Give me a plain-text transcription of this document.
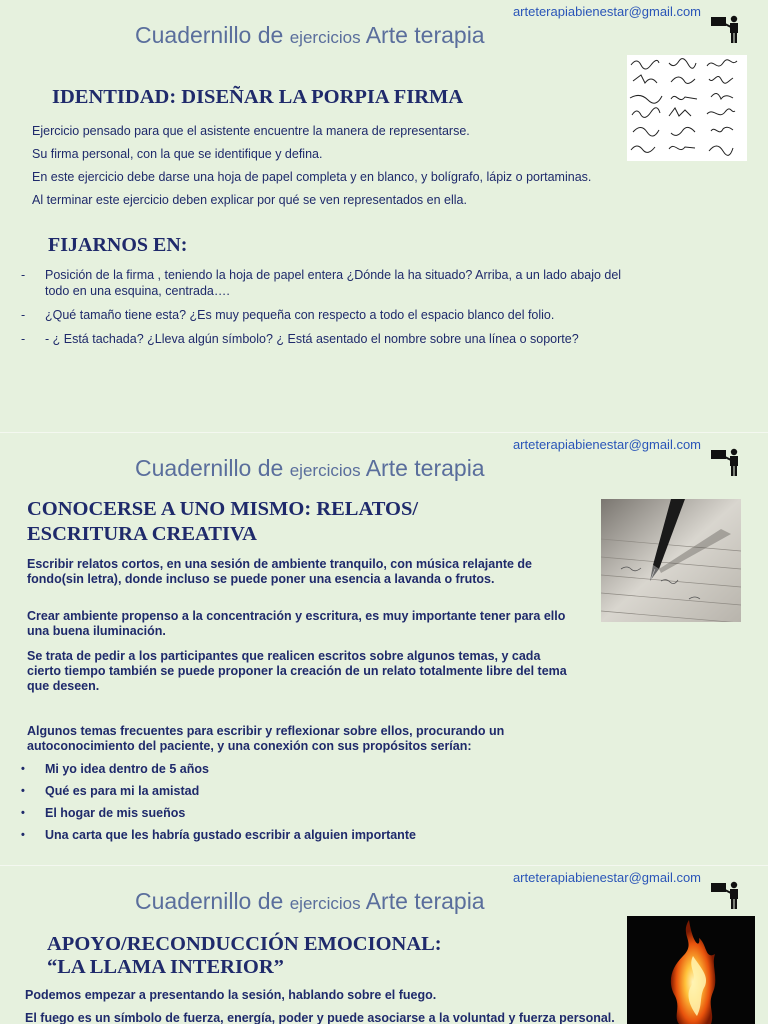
arteterapiabienestar@gmail.com
Cuadernillo de ejercicios Arte terapia
IDENTIDAD: DISEÑAR LA PORPIA FIRMA

Ejercicio pensado para que el asistente encuentre la manera de representarse.

Su firma personal, con la que se identifique y defina.

En este ejercicio debe darse una hoja de papel completa y en blanco, y bolígrafo, lápiz o portaminas.

Al terminar este ejercicio deben explicar por qué se ven representados en ella.

FIJARNOS EN:
- Posición de la firma , teniendo la hoja de papel entera ¿Dónde la ha situado? Arriba, a un lado abajo del todo en una esquina, centrada….
- ¿Qué tamaño tiene esta? ¿Es muy pequeña con respecto a todo el espacio blanco del folio.
- - ¿ Está tachada? ¿Lleva algún símbolo? ¿ Está asentado el nombre sobre una línea o soporte?
arteterapiabienestar@gmail.com
Cuadernillo de ejercicios Arte terapia
CONOCERSE A UNO MISMO: RELATOS/
ESCRITURA CREATIVA

Escribir relatos cortos, en una sesión de ambiente tranquilo, con música relajante de fondo(sin letra), donde incluso se puede poner una esencia a lavanda o frutos.

Crear ambiente propenso a la concentración y escritura, es muy importante tener para ello una buena iluminación.

Se trata de pedir a los participantes que realicen escritos sobre algunos temas, y cada cierto tiempo también se puede proponer la creación de un relato totalmente libre del tema que deseen.

Algunos temas frecuentes para escribir y reflexionar sobre ellos, procurando un autoconocimiento del paciente, y una conexión con sus propósitos serían:

• Mi yo idea dentro de 5 años
• Qué es para mi la amistad
• El hogar de mis sueños
• Una carta que les habría gustado escribir a alguien importante
arteterapiabienestar@gmail.com
Cuadernillo de ejercicios Arte terapia
APOYO/RECONDUCCIÓN EMOCIONAL:
“LA LLAMA INTERIOR”

Podemos empezar a presentando la sesión, hablando sobre el fuego.

El fuego es un símbolo de fuerza, energía, poder y puede asociarse a la voluntad y fuerza personal.
